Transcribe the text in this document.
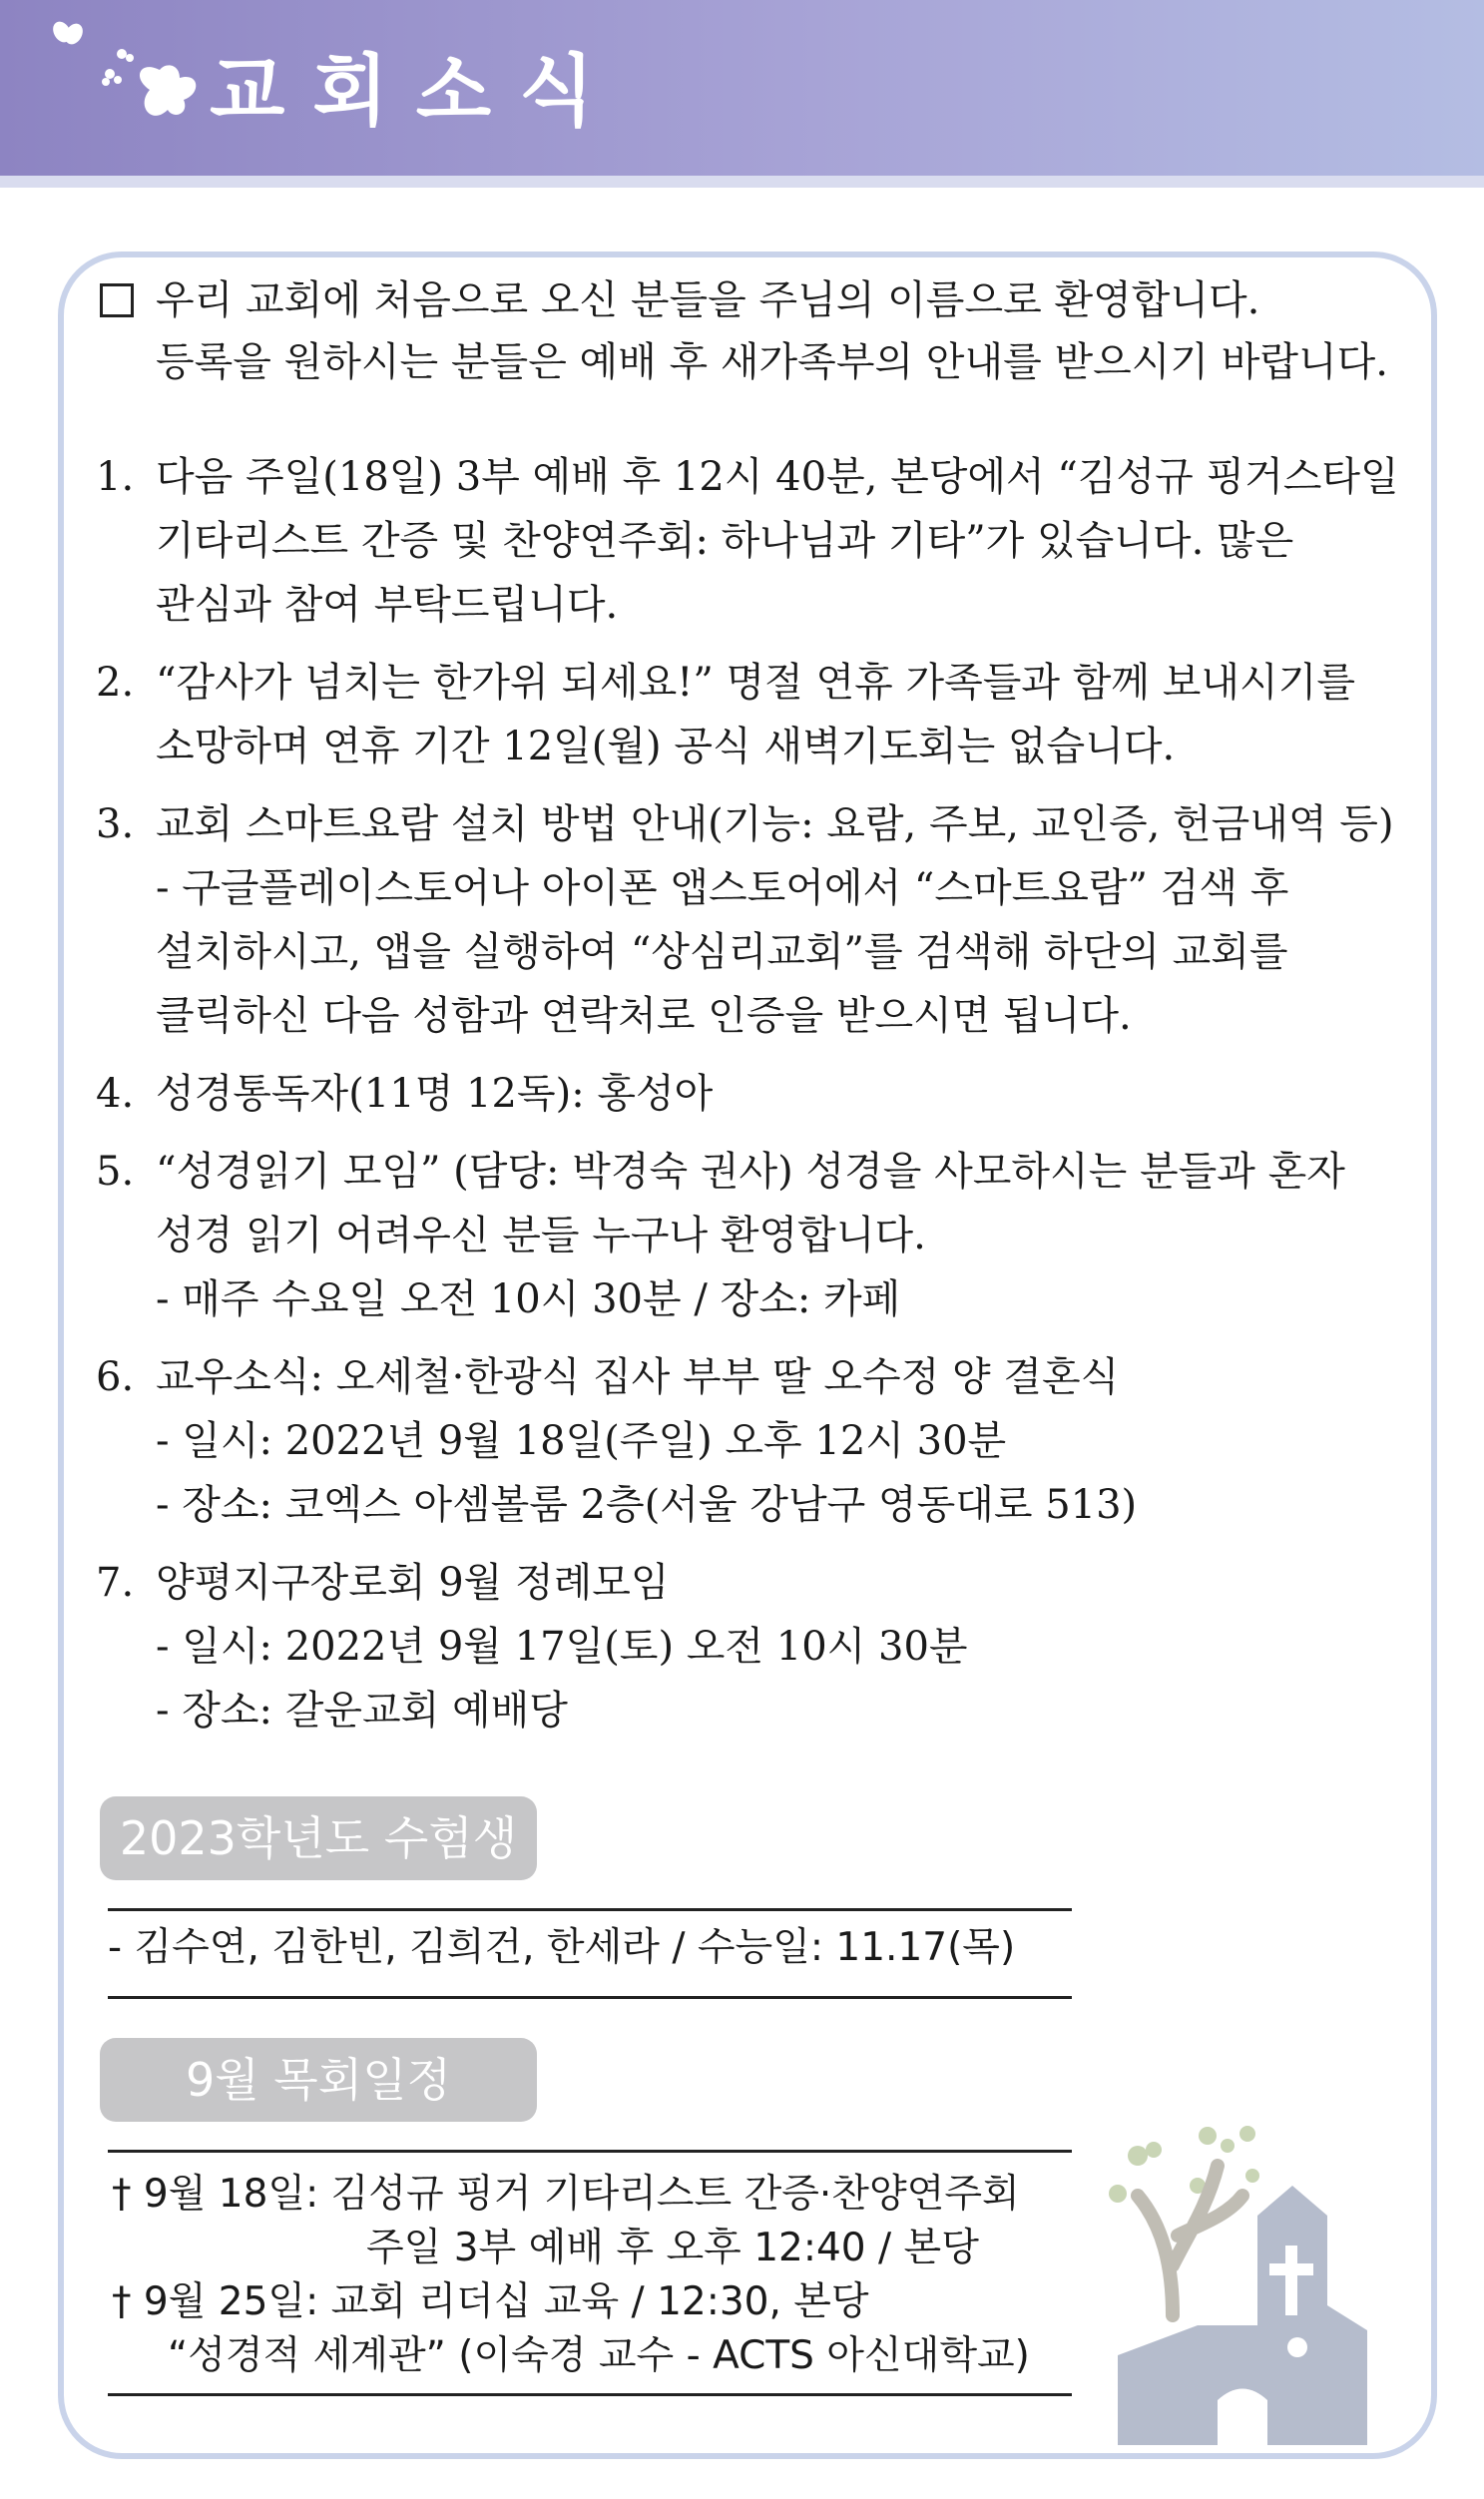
교회소식
우리 교회에 처음으로 오신 분들을 주님의 이름으로 환영합니다.
등록을 원하시는 분들은 예배 후 새가족부의 안내를 받으시기 바랍니다.
1. 다음 주일(18일) 3부 예배 후 12시 40분, 본당에서 “김성규 핑거스타일
기타리스트 간증 및 찬양연주회: 하나님과 기타”가 있습니다. 많은
관심과 참여 부탁드립니다.
2. “감사가 넘치는 한가위 되세요!” 명절 연휴 가족들과 함께 보내시기를
소망하며 연휴 기간 12일(월) 공식 새벽기도회는 없습니다.
3. 교회 스마트요람 설치 방법 안내(기능: 요람, 주보, 교인증, 헌금내역 등)
- 구글플레이스토어나 아이폰 앱스토어에서 “스마트요람” 검색 후
설치하시고, 앱을 실행하여 “상심리교회”를 검색해 하단의 교회를
클릭하신 다음 성함과 연락처로 인증을 받으시면 됩니다.
4. 성경통독자(11명 12독): 홍성아
5. “성경읽기 모임” (담당: 박경숙 권사) 성경을 사모하시는 분들과 혼자
성경 읽기 어려우신 분들 누구나 환영합니다.
- 매주 수요일 오전 10시 30분 / 장소: 카페
6. 교우소식: 오세철·한광식 집사 부부 딸 오수정 양 결혼식
- 일시: 2022년 9월 18일(주일) 오후 12시 30분
- 장소: 코엑스 아셈볼룸 2층(서울 강남구 영동대로 513)
7. 양평지구장로회 9월 정례모임
- 일시: 2022년 9월 17일(토) 오전 10시 30분
- 장소: 갈운교회 예배당
2023학년도 수험생
- 김수연, 김한빈, 김희건, 한세라 / 수능일: 11.17(목)
9월 목회일정
† 9월 18일: 김성규 핑거 기타리스트 간증·찬양연주회
주일 3부 예배 후 오후 12:40 / 본당
† 9월 25일: 교회 리더십 교육 / 12:30, 본당
“성경적 세계관” (이숙경 교수 - ACTS 아신대학교)
